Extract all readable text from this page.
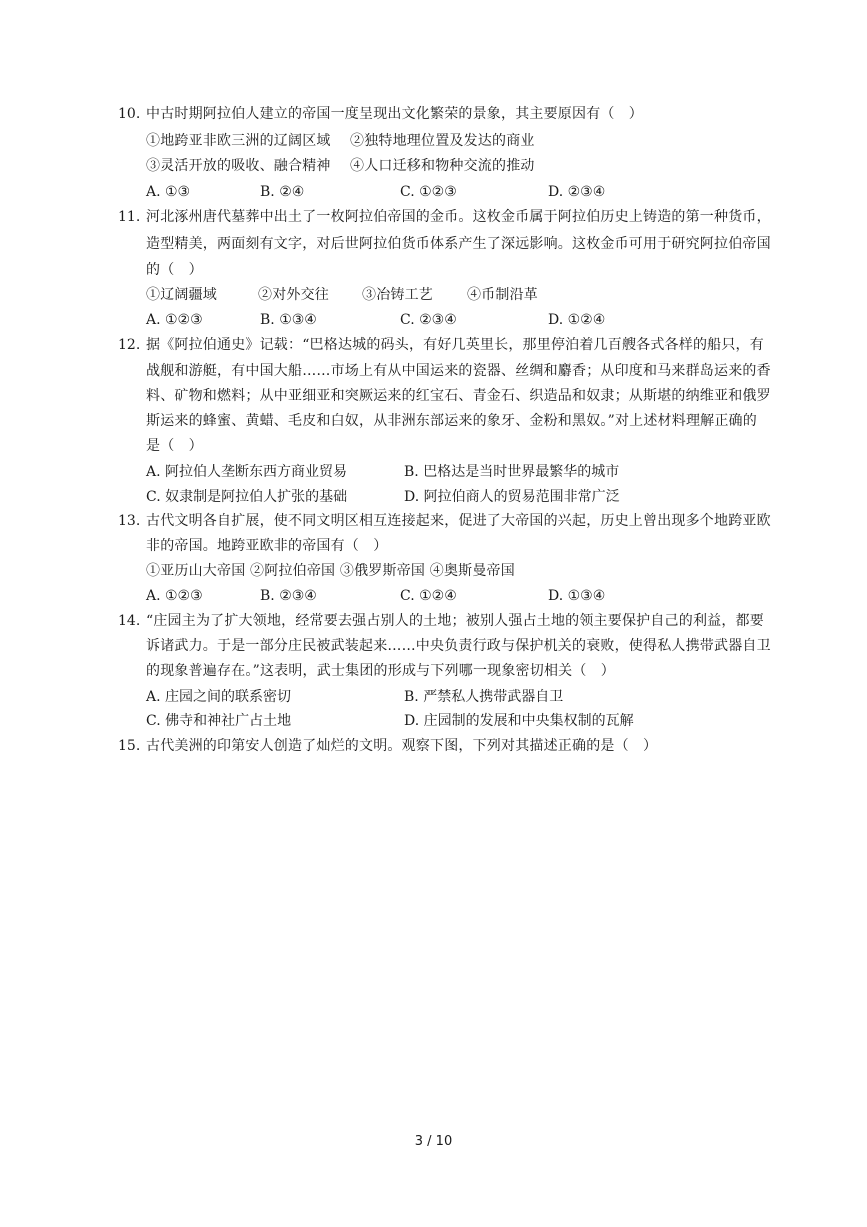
10. 中古时期阿拉伯人建立的帝国一度呈现出文化繁荣的景象，其主要原因有（　）
①地跨亚非欧三洲的辽阔区域 ②独特地理位置及发达的商业
③灵活开放的吸收、融合精神 ④人口迁移和物种交流的推动
A. ①③	B. ②④	C. ①②③	D. ②③④
11. 河北涿州唐代墓葬中出土了一枚阿拉伯帝国的金币。这枚金币属于阿拉伯历史上铸造的第一种货币，
造型精美，两面刻有文字，对后世阿拉伯货币体系产生了深远影响。这枚金币可用于研究阿拉伯帝国
的（　）
①辽阔疆域	②对外交往 ③冶铸工艺 ④币制沿革
A. ①②③	B. ①③④	C. ②③④	D. ①②④
12. 据《阿拉伯通史》记载：“巴格达城的码头，有好几英里长，那里停泊着几百艘各式各样的船只，有
战舰和游艇，有中国大船……市场上有从中国运来的瓷器、丝绸和麝香；从印度和马来群岛运来的香
料、矿物和燃料；从中亚细亚和突厥运来的红宝石、青金石、织造品和奴隶；从斯堪的纳维亚和俄罗
斯运来的蜂蜜、黄蜡、毛皮和白奴，从非洲东部运来的象牙、金粉和黑奴。”对上述材料理解正确的
是（　）
A. 阿拉伯人垄断东西方商业贸易	B. 巴格达是当时世界最繁华的城市
C. 奴隶制是阿拉伯人扩张的基础	D. 阿拉伯商人的贸易范围非常广泛
13. 古代文明各自扩展，使不同文明区相互连接起来，促进了大帝国的兴起，历史上曾出现多个地跨亚欧
非的帝国。地跨亚欧非的帝国有（　）
①亚历山大帝国 ②阿拉伯帝国 ③俄罗斯帝国 ④奥斯曼帝国
A. ①②③	B. ②③④	C. ①②④	D. ①③④
14. “庄园主为了扩大领地，经常要去强占别人的土地；被别人强占土地的领主要保护自己的利益，都要
诉诸武力。于是一部分庄民被武装起来……中央负责行政与保护机关的衰败，使得私人携带武器自卫
的现象普遍存在。”这表明，武士集团的形成与下列哪一现象密切相关（　）
A. 庄园之间的联系密切	B. 严禁私人携带武器自卫
C. 佛寺和神社广占土地	D. 庄园制的发展和中央集权制的瓦解
15. 古代美洲的印第安人创造了灿烂的文明。观察下图，下列对其描述正确的是（　）
3 / 10
